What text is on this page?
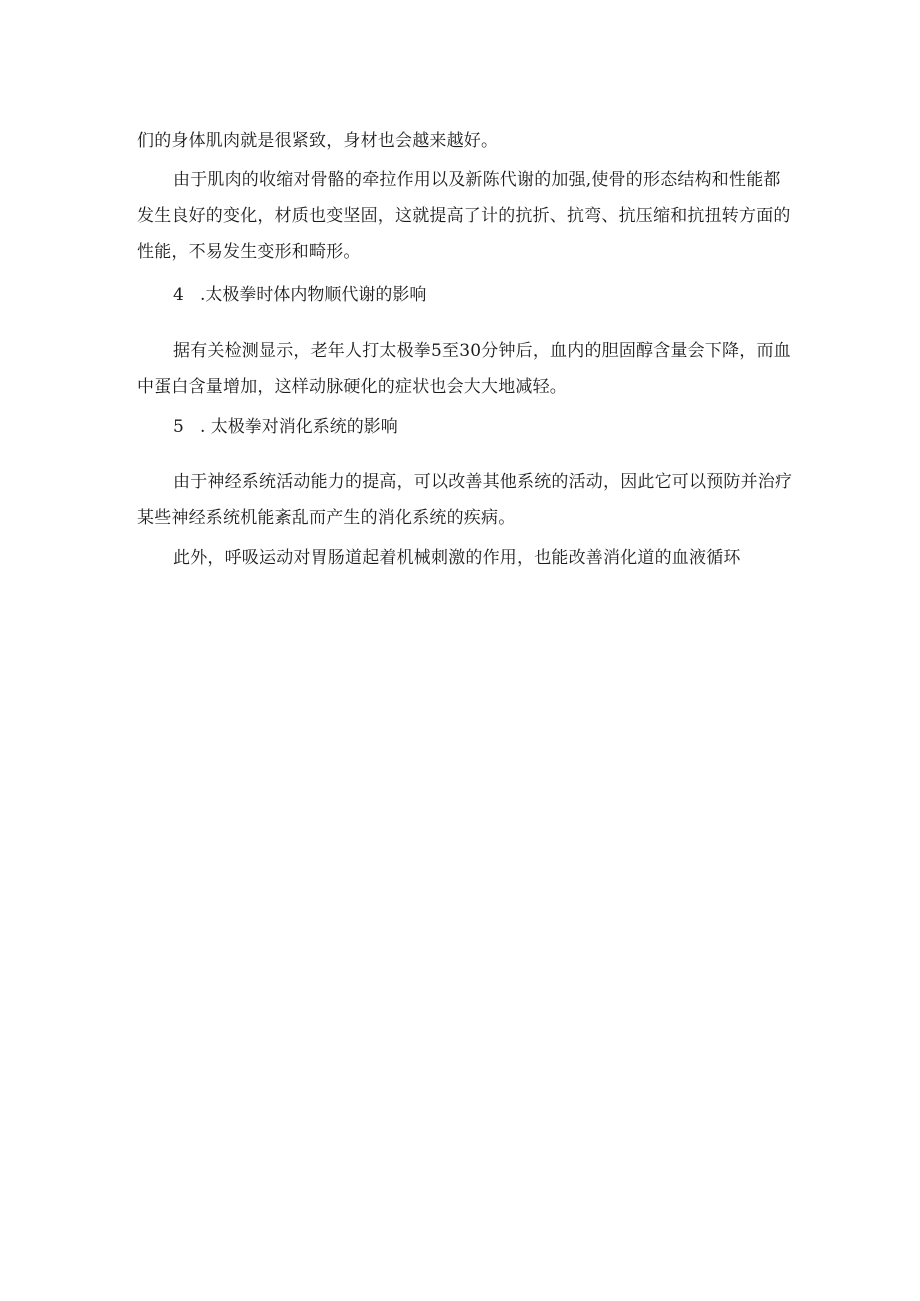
们的身体肌肉就是很紧致，身材也会越来越好。
由于肌肉的收缩对骨骼的牵拉作用以及新陈代谢的加强,使骨的形态结构和性能都
发生良好的变化，材质也变坚固，这就提高了计的抗折、抗弯、抗压缩和抗扭转方面的
性能，不易发生变形和畸形。
4 .太极拳时体内物顺代谢的影响
据有关检测显示，老年人打太极拳5至30分钟后，血内的胆固醇含量会下降，而血
中蛋白含量增加，这样动脉硬化的症状也会大大地减轻。
5 . 太极拳对消化系统的影响
由于神经系统活动能力的提高，可以改善其他系统的活动，因此它可以预防并治疗
某些神经系统机能紊乱而产生的消化系统的疾病。
此外，呼吸运动对胃肠道起着机械刺激的作用，也能改善消化道的血液循环
